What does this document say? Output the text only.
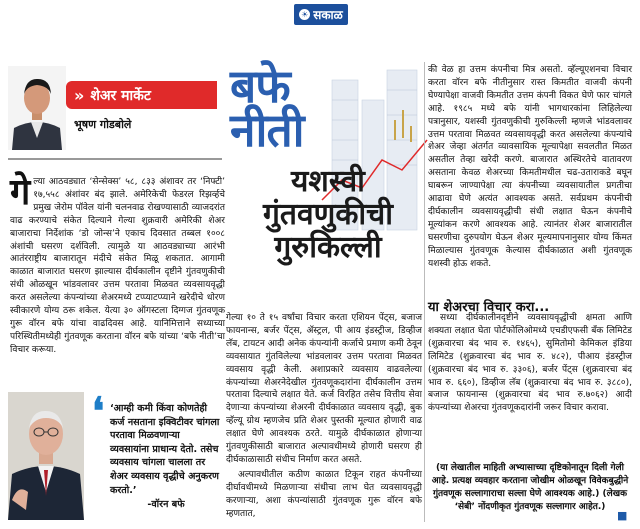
☀ सकाळ
» शेअर मार्केट
भूषण गोडबोले
बफे
नीती
यशस्वी गुंतवणुकीची गुरुकिल्ली
गे ल्या आठवड्यात ‘सेन्सेक्स’ ५८, ८३३ अंशावर तर ‘निफ्टी’ १७,५५८ अंशांवर बंद झाले. अमेरिकेची फेडरल रिझर्व्हचे प्रमुख जेरोम पॉवेल यांनी चलनवाढ रोखण्यासाठी व्याजदरांत वाढ करण्याचे संकेत दिल्याने गेल्या शुक्रवारी अमेरिकी शेअर बाजाराचा निर्देशांक ‘डो जोन्स’ने एकाच दिवसात तब्बल १००८ अंशांची घसरण दर्शविली. त्यामुळे या आठवड्याच्या आरंभी आतंरराष्ट्रीय बाजारातून मंदीचे संकेत मिळू शकतात. आगामी काळात बाजारात घसरण झाल्यास दीर्घकालीन दृष्टीने गुंतवणुकीची संधी ओळखून भांडवलावर उत्तम परतावा मिळवत व्यवसायवृद्धी करत असलेल्या कंपन्यांच्या शेअरमध्ये टप्प्याटप्प्याने खरेदीचे धोरण स्वीकारणे योग्य ठरू शकेल. येत्या ३० ऑगस्टला दिग्गज गुंतवणूक गुरू वॉरन बफे यांचा वाढदिवस आहे. यानिमित्ताने सध्याच्या परिस्थितीमध्येही गुंतवणूक करताना वॉरन बफे यांच्या ‘बफे नीती’चा विचार करूया.

गेल्या १० ते १५ वर्षांचा विचार करता एशियन पेंट्स, बजाज फायनान्स, बर्जर पेंट्स, ॲस्ट्रल, पी आय इंडस्ट्रीज, डिव्हीज लॅब, टायटन आदी अनेक कंपन्यांनी कर्जाचे प्रमाण कमी ठेवून व्यवसायात गुंतविलेल्या भांडवलावर उत्तम परतावा मिळवत व्यवसाय वृद्धी केली. अशाप्रकारे व्यवसाय वाढवलेल्या कंपन्यांच्या शेअरनेदेखील गुंतवणूकदारांना दीर्घकालीन उत्तम परतावा दिल्याचे लक्षात येते. कर्ज विरहित तसेच वित्तीय सेवा देणाऱ्या कंपन्यांच्या शेअरनी दीर्घकाळात व्यवसाय वृद्धी, बुक व्हॅल्यू ग्रोथ म्हणजेच प्रति शेअर पुस्तकी मूल्यात होणारी वाढ लक्षात घेणे आवश्यक ठरते. यामुळे दीर्घकाळात होणाऱ्या गुंतवणुकीसाठी बाजारात अल्पावधीमध्ये होणारी घसरण ही दीर्घकाळासाठी संधीच निर्माण करत असते.

अल्पावधीतील कठीण काळात टिकून राहत कंपनीच्या दीर्घावधीमध्ये मिळणाऱ्या संधीचा लाभ घेत व्यवसायवृद्धी करणाऱ्या, अशा कंपन्यांसाठी गुंतवणूक गुरू वॉरन बफे म्हणतात,

की वेळ हा उत्तम कंपनीचा मित्र असतो. व्हॅल्यूएशनचा विचार करता वॉरन बफे नीतीनुसार रास्त किमतीत वाजवी कंपनी घेण्यापेक्षा वाजवी किमतीत उत्तम कंपनी विकत घेणे फार चांगले आहे. १९८५ मध्ये बफे यांनी भागधारकांना लिहिलेल्या पत्रानुसार, यशस्वी गुंतवणुकीची गुरुकिल्ली म्हणजे भांडवलावर उत्तम परतावा मिळवत व्यवसायवृद्धी करत असलेल्या कंपन्यांचे शेअर जेव्हा अंतर्गत व्यावसायिक मूल्यापेक्षा सवलतीत मिळत असतील तेव्हा खरेदी करणे. बाजारात अस्थिरतेचे वातावरण असताना केवळ शेअरच्या किमतीमधील चढ-उताराकडे बघून घाबरून जाण्यापेक्षा त्या कंपनीच्या व्यवसायातील प्रगतीचा आढावा घेणे अत्यंत आवश्यक असते. सर्वप्रथम कंपनीची दीर्घकालीन व्यवसायवृद्धीची संधी लक्षात घेऊन कंपनीचे मूल्यांकन करणे आवश्यक आहे. त्यानंतर शेअर बाजारातील घसरणीचा दुरुपयोग घेऊन शेअर मूल्यमापनानुसार योग्य किंमत मिळाल्यास गुंतवणूक केल्यास दीर्घकाळात अशी गुंतवणूक यशस्वी होऊ शकते.

या शेअरचा विचार करा...

सध्या दीर्घकालीनदृष्टीने व्यवसायवृद्धीची क्षमता आणि शक्यता लक्षात घेता पोर्टफोलिओमध्ये एचडीएफसी बँक लिमिटेड (शुक्रवारचा बंद भाव रु. १४६५), सुमितोमो केमिकल इंडिया लिमिटेड (शुक्रवारचा बंद भाव रु. ४८२), पीआय इंडस्ट्रीज (शुक्रवारचा बंद भाव रु. ३३०६), बर्जर पेंट्स (शुक्रवारचा बंद भाव रु. ६६०), डिव्हीज लॅब (शुक्रवारचा बंद भाव रु. ३८८०), बजाज फायनान्स (शुक्रवारचा बंद भाव रु.७०६२) आदी कंपन्यांच्या शेअरचा गुंतवणूकदारांनी जरूर विचार करावा.

❛ ‘आम्ही कमी किंवा कोणतेही कर्ज नसताना इक्विटीवर चांगला परतावा मिळवणाऱ्या व्यवसायांना प्राधान्य देतो. तसेच व्यवसाय चांगला चालला तर शेअर व्यवसाय वृद्धीचे अनुकरण करतो.’
-वॉरन बफे
(या लेखातील माहिती अभ्यासाच्या दृष्टिकोनातून दिली गेली आहे. प्रत्यक्ष व्यवहार करताना जोखीम ओळखून विवेकबुद्धीने गुंतवणूक सल्लागाराचा सल्ला घेणे आवश्यक आहे.) (लेखक ‘सेबी’ नोंदणीकृत गुंतवणूक सल्लागार आहेत.)
■
